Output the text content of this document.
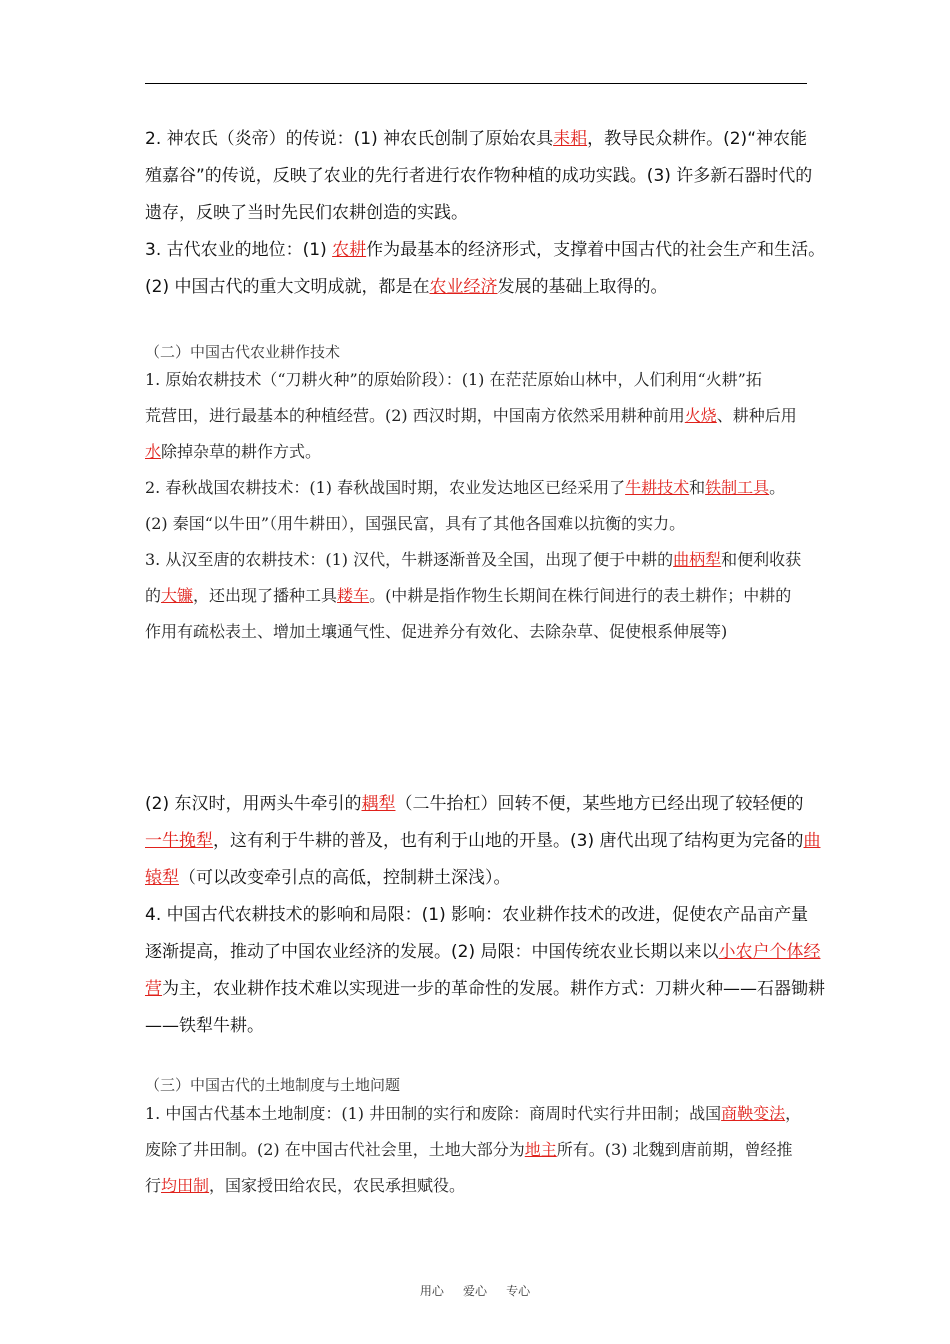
2. 神农氏（炎帝）的传说：(1) 神农氏创制了原始农具耒耜，教导民众耕作。(2)“神农能
殖嘉谷”的传说，反映了农业的先行者进行农作物种植的成功实践。(3) 许多新石器时代的
遗存，反映了当时先民们农耕创造的实践。
3. 古代农业的地位：(1) 农耕作为最基本的经济形式，支撑着中国古代的社会生产和生活。
(2) 中国古代的重大文明成就，都是在农业经济发展的基础上取得的。
（二）中国古代农业耕作技术
1. 原始农耕技术（“刀耕火种”的原始阶段）：(1) 在茫茫原始山林中，人们利用“火耕”拓
荒营田，进行最基本的种植经营。(2) 西汉时期，中国南方依然采用耕种前用火烧、耕种后用
水除掉杂草的耕作方式。
2. 春秋战国农耕技术：(1) 春秋战国时期，农业发达地区已经采用了牛耕技术和铁制工具。
(2) 秦国“以牛田”（用牛耕田），国强民富，具有了其他各国难以抗衡的实力。
3. 从汉至唐的农耕技术：(1) 汉代，牛耕逐渐普及全国，出现了便于中耕的曲柄犁和便利收获
的大镰，还出现了播种工具耧车。(中耕是指作物生长期间在株行间进行的表土耕作；中耕的
作用有疏松表土、增加土壤通气性、促进养分有效化、去除杂草、促使根系伸展等)
(2) 东汉时，用两头牛牵引的耦犁（二牛抬杠）回转不便，某些地方已经出现了较轻便的
一牛挽犁，这有利于牛耕的普及，也有利于山地的开垦。(3) 唐代出现了结构更为完备的曲
辕犁（可以改变牵引点的高低，控制耕土深浅）。
4. 中国古代农耕技术的影响和局限：(1) 影响：农业耕作技术的改进，促使农产品亩产量
逐渐提高，推动了中国农业经济的发展。(2) 局限：中国传统农业长期以来以小农户个体经
营为主，农业耕作技术难以实现进一步的革命性的发展。耕作方式：刀耕火种——石器锄耕
——铁犁牛耕。
（三）中国古代的土地制度与土地问题
1. 中国古代基本土地制度：(1) 井田制的实行和废除：商周时代实行井田制；战国商鞅变法，
废除了井田制。(2) 在中国古代社会里，土地大部分为地主所有。(3) 北魏到唐前期，曾经推
行均田制，国家授田给农民，农民承担赋役。
用心     爱心     专心
